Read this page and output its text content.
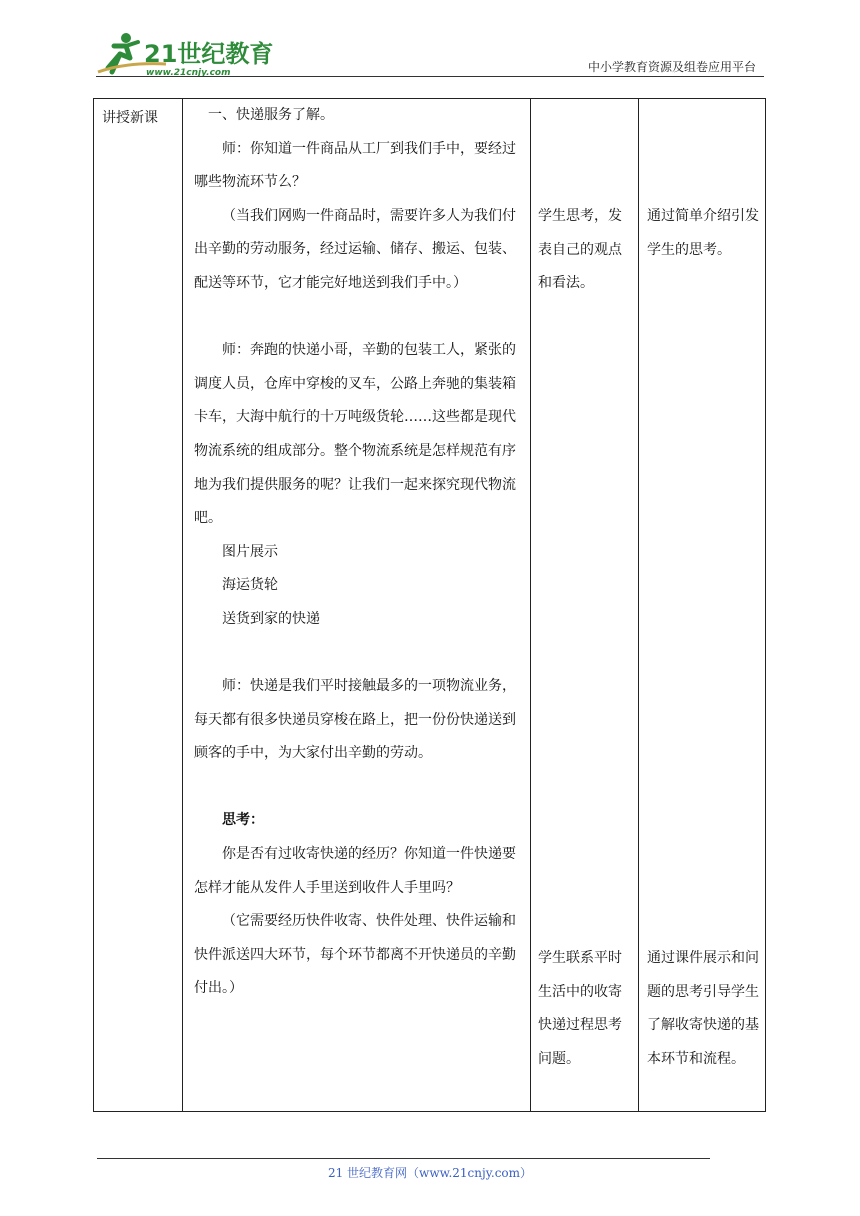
21世纪教育
www.21cnjy.com	中小学教育资源及组卷应用平台
讲授新课	一、快递服务了解。

师：你知道一件商品从工厂到我们手中，要经过哪些物流环节么？

（当我们网购一件商品时，需要许多人为我们付出辛勤的劳动服务，经过运输、储存、搬运、包装、配送等环节，它才能完好地送到我们手中。）

师：奔跑的快递小哥，辛勤的包装工人，紧张的调度人员，仓库中穿梭的叉车，公路上奔驰的集装箱卡车，大海中航行的十万吨级货轮……这些都是现代物流系统的组成部分。整个物流系统是怎样规范有序地为我们提供服务的呢？让我们一起来探究现代物流吧。

图片展示

海运货轮

送货到家的快递

师：快递是我们平时接触最多的一项物流业务，每天都有很多快递员穿梭在路上，把一份份快递送到顾客的手中，为大家付出辛勤的劳动。

思考：

你是否有过收寄快递的经历？你知道一件快递要怎样才能从发件人手里送到收件人手里吗？

（它需要经历快件收寄、快件处理、快件运输和快件派送四大环节，每个环节都离不开快递员的辛勤付出。）

学生思考，发表自己的观点和看法。
通过简单介绍引发学生的思考。
学生联系平时生活中的收寄快递过程思考问题。
通过课件展示和问题的思考引导学生了解收寄快递的基本环节和流程。
21 世纪教育网（www.21cnjy.com）
